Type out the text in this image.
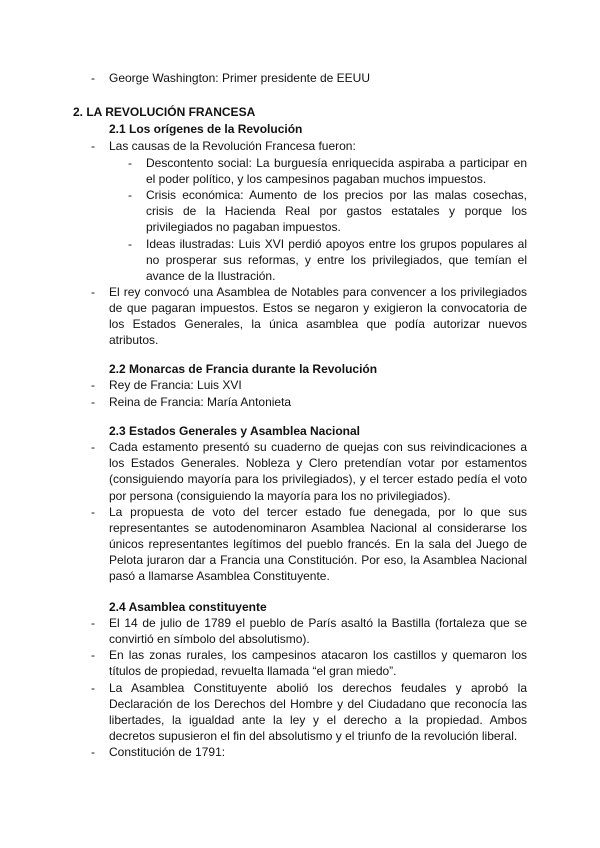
- George Washington: Primer presidente de EEUU
2. LA REVOLUCIÓN FRANCESA
2.1 Los orígenes de la Revolución
- Las causas de la Revolución Francesa fueron:
- Descontento social: La burguesía enriquecida aspiraba a participar en
el poder político, y los campesinos pagaban muchos impuestos.
- Crisis económica: Aumento de los precios por las malas cosechas,
crisis de la Hacienda Real por gastos estatales y porque los
privilegiados no pagaban impuestos.
- Ideas ilustradas: Luis XVI perdió apoyos entre los grupos populares al
no prosperar sus reformas, y entre los privilegiados, que temían el
avance de la Ilustración.
- El rey convocó una Asamblea de Notables para convencer a los privilegiados
de que pagaran impuestos. Estos se negaron y exigieron la convocatoria de
los Estados Generales, la única asamblea que podía autorizar nuevos
atributos.
2.2 Monarcas de Francia durante la Revolución
- Rey de Francia: Luis XVI
- Reina de Francia: María Antonieta
2.3 Estados Generales y Asamblea Nacional
- Cada estamento presentó su cuaderno de quejas con sus reivindicaciones a
los Estados Generales. Nobleza y Clero pretendían votar por estamentos
(consiguiendo mayoría para los privilegiados), y el tercer estado pedía el voto
por persona (consiguiendo la mayoría para los no privilegiados).
- La propuesta de voto del tercer estado fue denegada, por lo que sus
representantes se autodenominaron Asamblea Nacional al considerarse los
únicos representantes legítimos del pueblo francés. En la sala del Juego de
Pelota juraron dar a Francia una Constitución. Por eso, la Asamblea Nacional
pasó a llamarse Asamblea Constituyente.
2.4 Asamblea constituyente
- El 14 de julio de 1789 el pueblo de París asaltó la Bastilla (fortaleza que se
convirtió en símbolo del absolutismo).
- En las zonas rurales, los campesinos atacaron los castillos y quemaron los
títulos de propiedad, revuelta llamada “el gran miedo”.
- La Asamblea Constituyente abolió los derechos feudales y aprobó la
Declaración de los Derechos del Hombre y del Ciudadano que reconocía las
libertades, la igualdad ante la ley y el derecho a la propiedad. Ambos
decretos supusieron el fin del absolutismo y el triunfo de la revolución liberal.
- Constitución de 1791:
